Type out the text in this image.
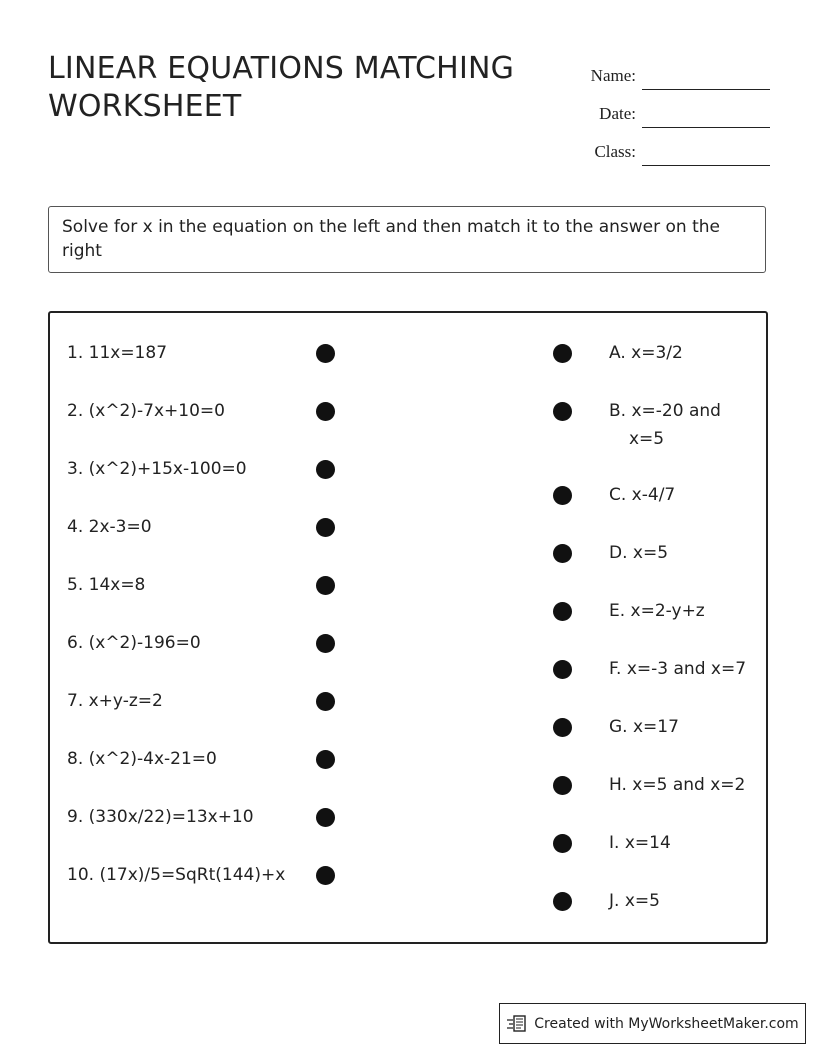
LINEAR EQUATIONS MATCHING WORKSHEET
Name:
Date:
Class:
Solve for x in the equation on the left and then match it to the answer on the right
1. 11x=187
2. (x^2)-7x+10=0
3. (x^2)+15x-100=0
4. 2x-3=0
5. 14x=8
6. (x^2)-196=0
7. x+y-z=2
8. (x^2)-4x-21=0
9. (330x/22)=13x+10
10. (17x)/5=SqRt(144)+x
A. x=3/2
B. x=-20 and x=5
C. x-4/7
D. x=5
E. x=2-y+z
F. x=-3 and x=7
G. x=17
H. x=5 and x=2
I. x=14
J. x=5
Created with MyWorksheetMaker.com
